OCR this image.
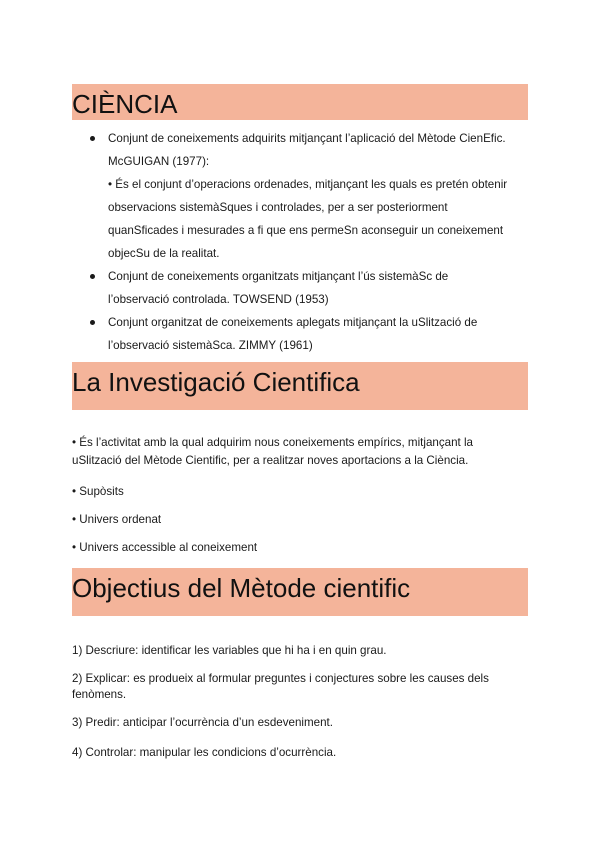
CIÈNCIA
Conjunt de coneixements adquirits mitjançant l’aplicació del Mètode CienEfic.
McGUIGAN (1977):
• És el conjunt d’operacions ordenades, mitjançant les quals es pretén obtenir
observacions sistemàSques i controlades, per a ser posteriorment
quanSficades i mesurades a fi que ens permeSn aconseguir un coneixement
objecSu de la realitat.
Conjunt de coneixements organitzats mitjançant l’ús sistemàSc de
l’observació controlada. TOWSEND (1953)
Conjunt organitzat de coneixements aplegats mitjançant la uSlització de
l’observació sistemàSca. ZIMMY (1961)
La Investigació Cientifica
• És l’activitat amb la qual adquirim nous coneixements empírics, mitjançant la
uSlització del Mètode Cientific, per a realitzar noves aportacions a la Ciència.
• Supòsits
• Univers ordenat
• Univers accessible al coneixement
Objectius del Mètode cientific
1) Descriure: identificar les variables que hi ha i en quin grau.
2) Explicar: es produeix al formular preguntes i conjectures sobre les causes dels
fenòmens.
3) Predir: anticipar l’ocurrència d’un esdeveniment.
4) Controlar: manipular les condicions d’ocurrència.
